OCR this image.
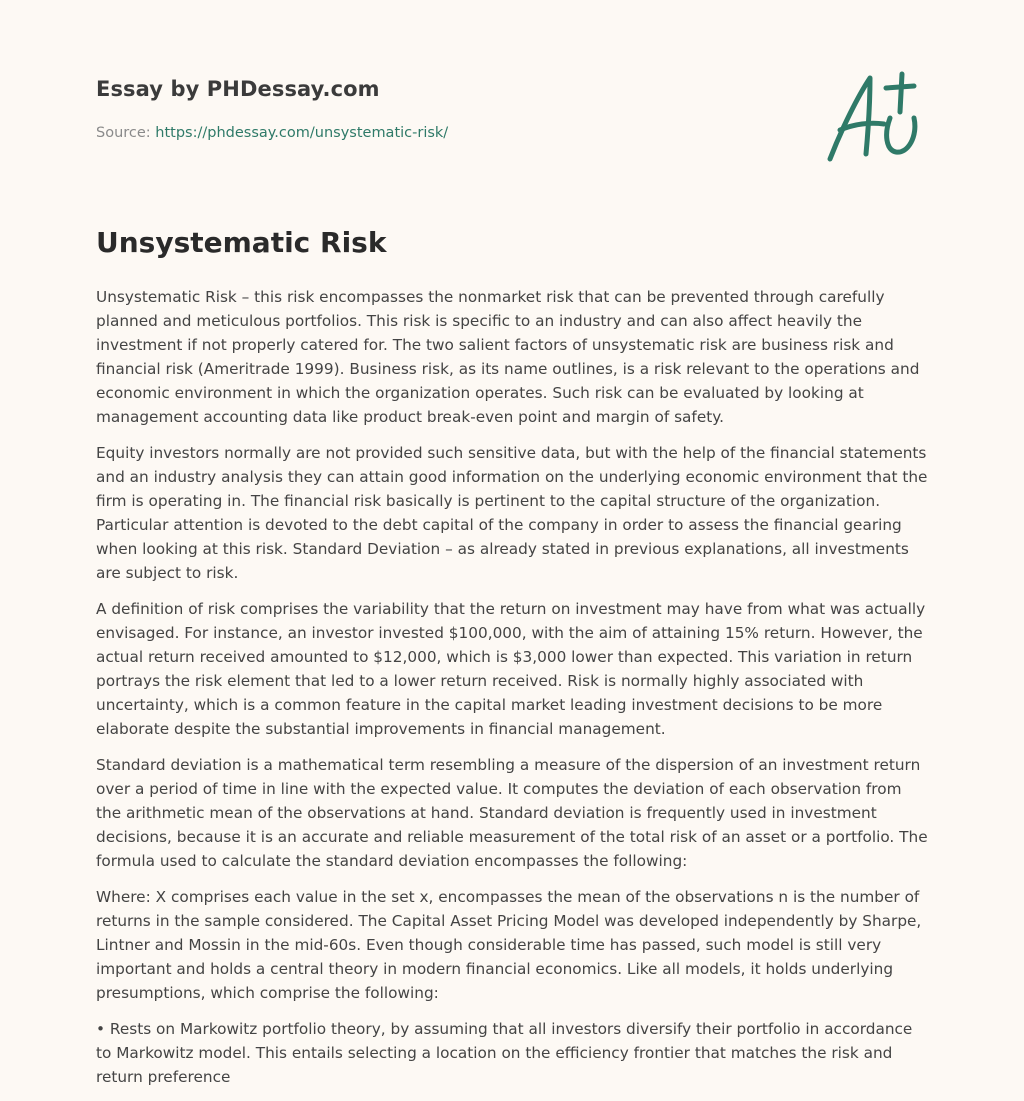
Essay by PHDessay.com
Source: https://phdessay.com/unsystematic-risk/
Unsystematic Risk

Unsystematic Risk – this risk encompasses the nonmarket risk that can be prevented through carefully planned and meticulous portfolios. This risk is specific to an industry and can also affect heavily the investment if not properly catered for. The two salient factors of unsystematic risk are business risk and financial risk (Ameritrade 1999). Business risk, as its name outlines, is a risk relevant to the operations and economic environment in which the organization operates. Such risk can be evaluated by looking at management accounting data like product break-even point and margin of safety.

Equity investors normally are not provided such sensitive data, but with the help of the financial statements and an industry analysis they can attain good information on the underlying economic environment that the firm is operating in. The financial risk basically is pertinent to the capital structure of the organization. Particular attention is devoted to the debt capital of the company in order to assess the financial gearing when looking at this risk. Standard Deviation – as already stated in previous explanations, all investments are subject to risk.

A definition of risk comprises the variability that the return on investment may have from what was actually envisaged. For instance, an investor invested $100,000, with the aim of attaining 15% return. However, the actual return received amounted to $12,000, which is $3,000 lower than expected. This variation in return portrays the risk element that led to a lower return received. Risk is normally highly associated with uncertainty, which is a common feature in the capital market leading investment decisions to be more elaborate despite the substantial improvements in financial management.

Standard deviation is a mathematical term resembling a measure of the dispersion of an investment return over a period of time in line with the expected value. It computes the deviation of each observation from the arithmetic mean of the observations at hand. Standard deviation is frequently used in investment decisions, because it is an accurate and reliable measurement of the total risk of an asset or a portfolio. The formula used to calculate the standard deviation encompasses the following:

Where: X comprises each value in the set x, encompasses the mean of the observations n is the number of returns in the sample considered. The Capital Asset Pricing Model was developed independently by Sharpe, Lintner and Mossin in the mid-60s. Even though considerable time has passed, such model is still very important and holds a central theory in modern financial economics. Like all models, it holds underlying presumptions, which comprise the following:

• Rests on Markowitz portfolio theory, by assuming that all investors diversify their portfolio in accordance to Markowitz model. This entails selecting a location on the efficiency frontier that matches the risk and return preference
